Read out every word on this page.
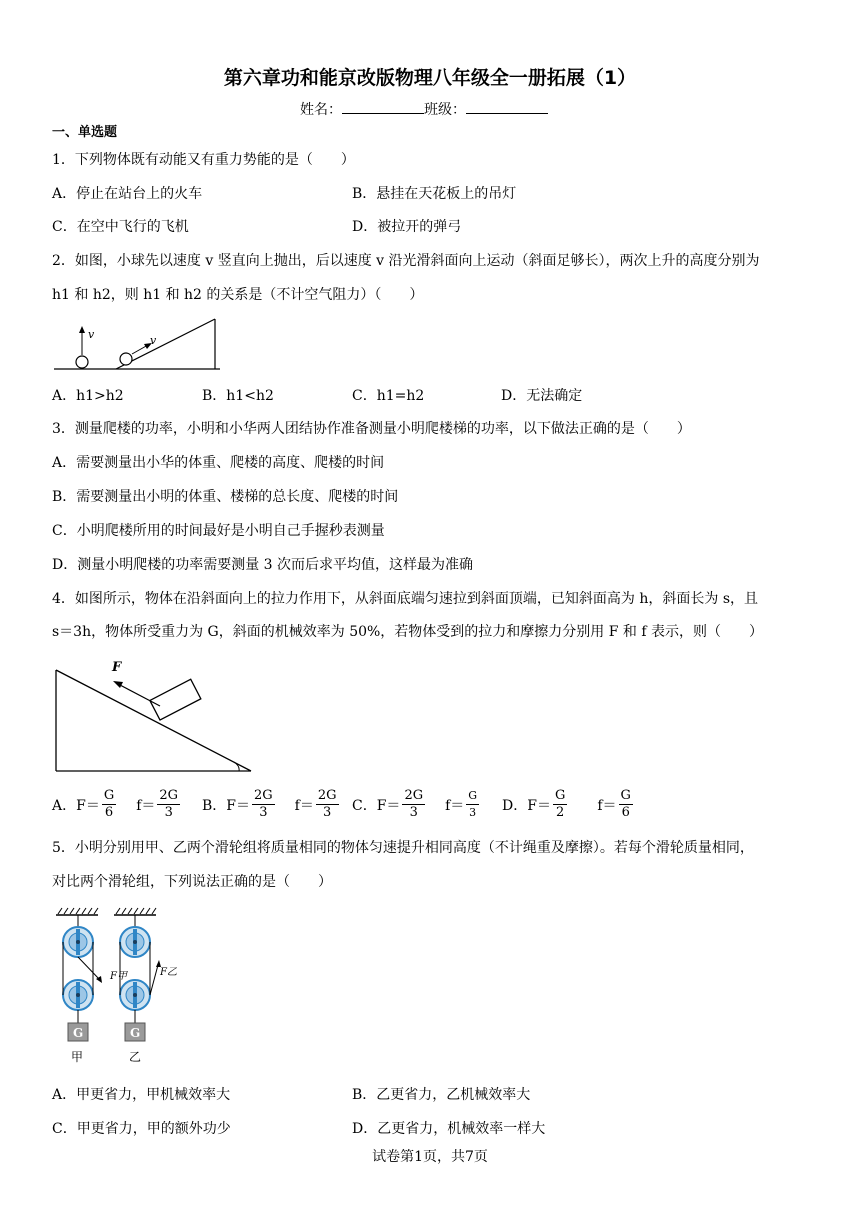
第六章功和能京改版物理八年级全一册拓展（1）
姓名：	班级：
一、单选题
1．下列物体既有动能又有重力势能的是（　　）
A．停止在站台上的火车	B．悬挂在天花板上的吊灯
C．在空中飞行的飞机	D．被拉开的弹弓
2．如图，小球先以速度 v 竖直向上抛出，后以速度 v 沿光滑斜面向上运动（斜面足够长），两次上升的高度分别为
h1 和 h2，则 h1 和 h2 的关系是（不计空气阻力）（　　）
v	v
A．h1>h2	B．h1<h2	C．h1=h2	D．无法确定
3．测量爬楼的功率，小明和小华两人团结协作准备测量小明爬楼梯的功率，以下做法正确的是（　　）
A．需要测量出小华的体重、爬楼的高度、爬楼的时间
B．需要测量出小明的体重、楼梯的总长度、爬楼的时间
C．小明爬楼所用的时间最好是小明自己手握秒表测量
D．测量小明爬楼的功率需要测量 3 次而后求平均值，这样最为准确
4．如图所示，物体在沿斜面向上的拉力作用下，从斜面底端匀速拉到斜面顶端，已知斜面高为 h，斜面长为 s，且
s＝3h，物体所受重力为 G，斜面的机械效率为 50%，若物体受到的拉力和摩擦力分别用 F 和 f 表示，则（　　）
F
A．$F= \frac{G}{6} f= \frac{2G}{3}$ B．$F= \frac{2G}{3} f= \frac{2G}{3}$ C．$F= \frac{2G}{3} f= \frac{G}{3}$ D．$F= \frac{G}{2} f= \frac{G}{6}$
5．小明分别用甲、乙两个滑轮组将质量相同的物体匀速提升相同高度（不计绳重及摩擦）。若每个滑轮质量相同，
对比两个滑轮组，下列说法正确的是（　　）
G
F甲
甲
G
F乙
乙
A．甲更省力，甲机械效率大	B．乙更省力，乙机械效率大
C．甲更省力，甲的额外功少	D．乙更省力，机械效率一样大
试卷第1页，共7页
